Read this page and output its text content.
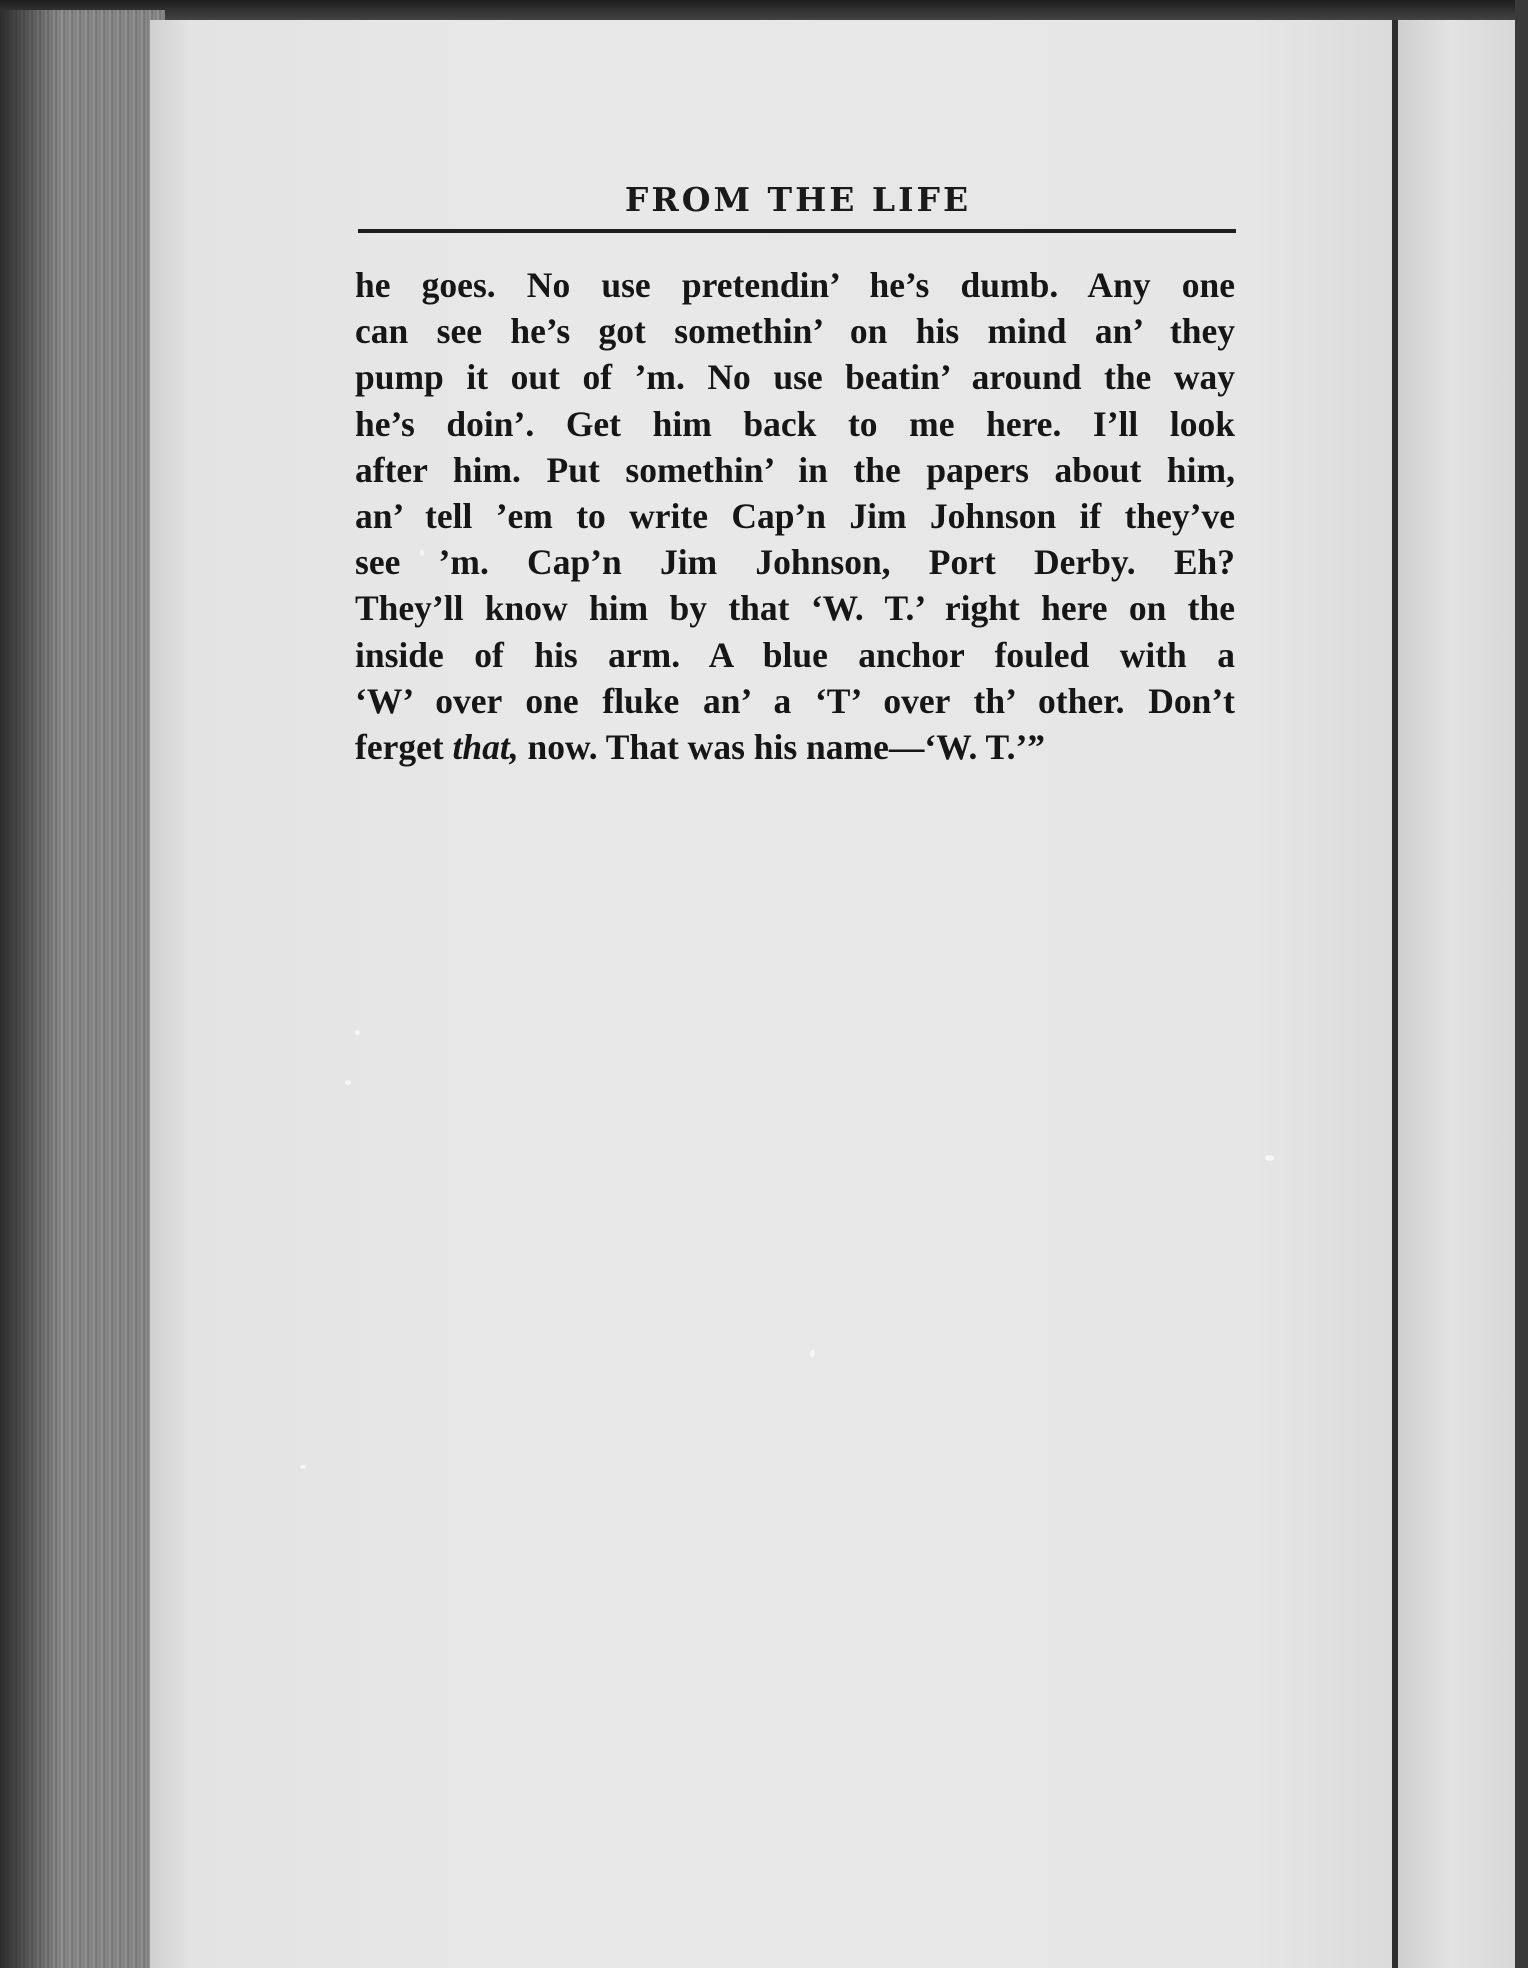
FROM THE LIFE
he goes. No use pretendin’ he’s dumb. Any one
can see he’s got somethin’ on his mind an’ they
pump it out of ’m. No use beatin’ around the way
he’s doin’. Get him back to me here. I’ll look
after him. Put somethin’ in the papers about him,
an’ tell ’em to write Cap’n Jim Johnson if they’ve
see ’m. Cap’n Jim Johnson, Port Derby. Eh?
They’ll know him by that ‘W. T.’ right here on the
inside of his arm. A blue anchor fouled with a
‘W’ over one fluke an’ a ‘T’ over th’ other. Don’t
ferget that, now. That was his name—‘W. T.’”
